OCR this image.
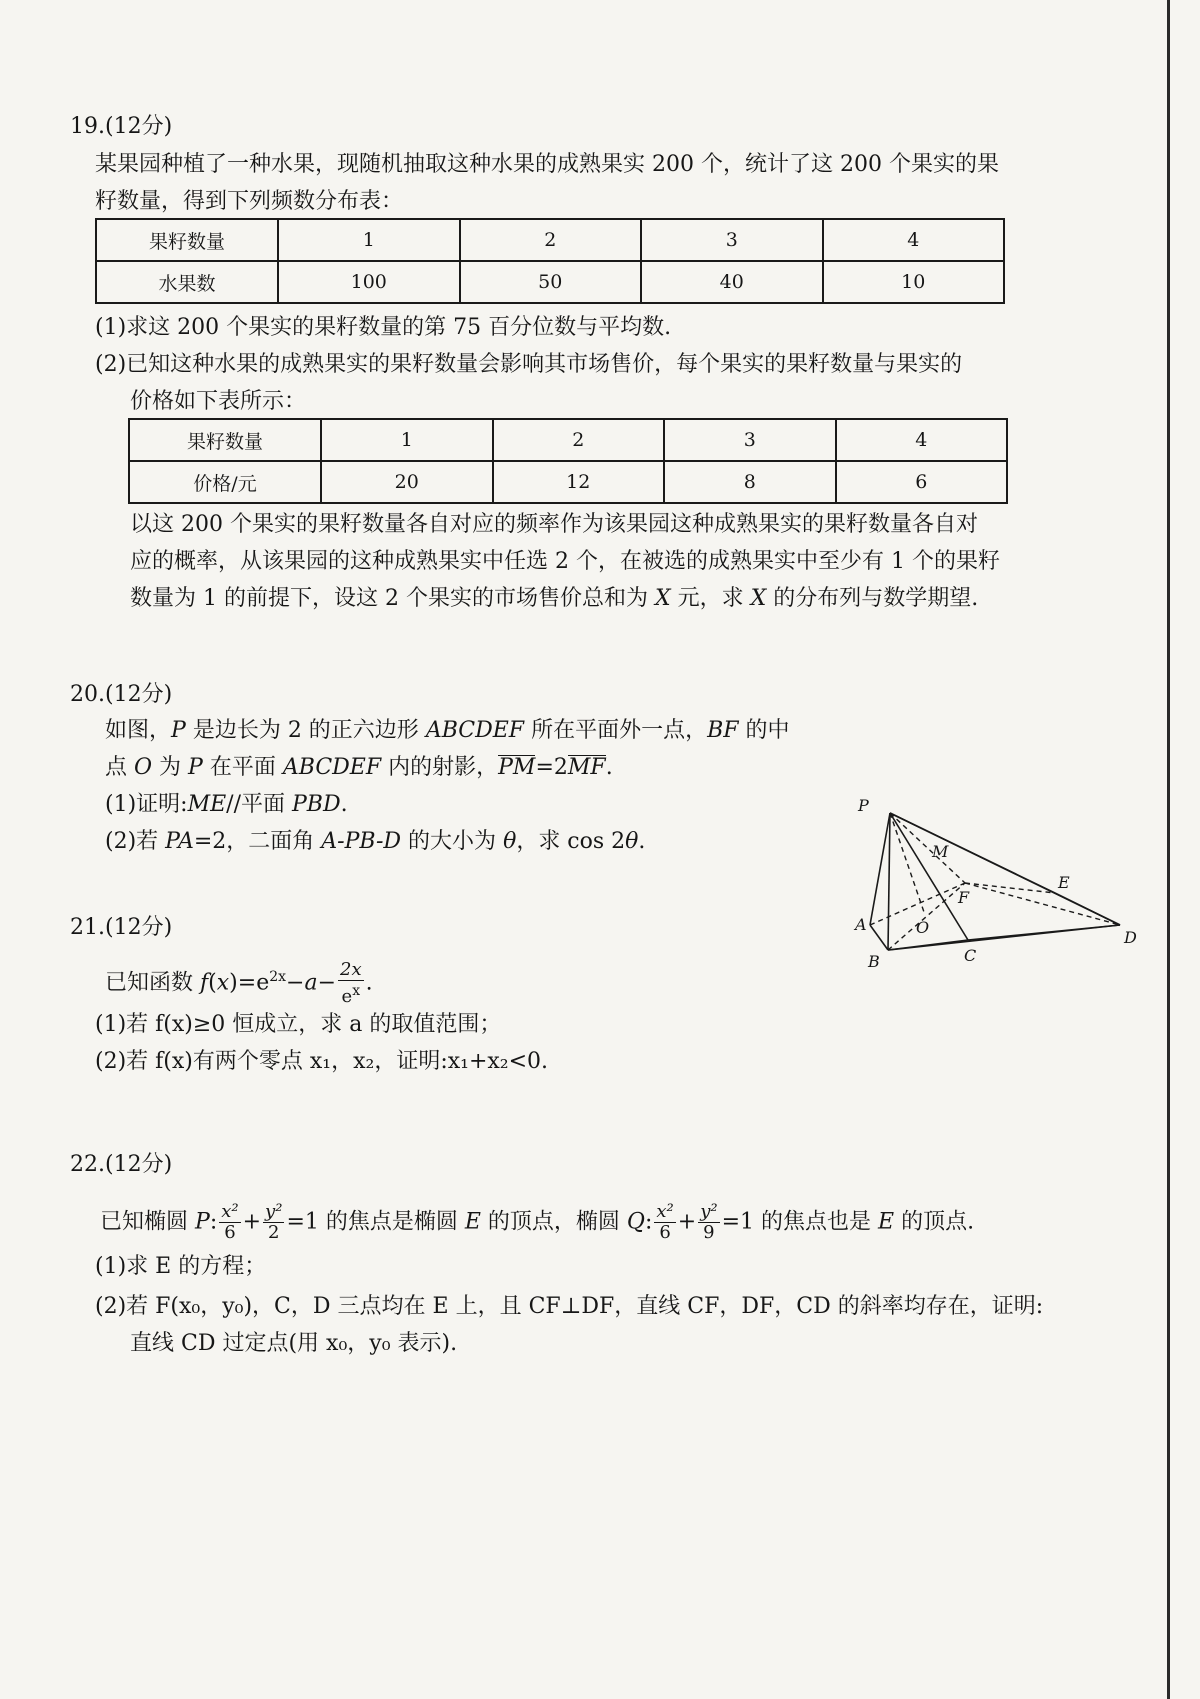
19.(12分)
某果园种植了一种水果，现随机抽取这种水果的成熟果实 200 个，统计了这 200 个果实的果
籽数量，得到下列频数分布表：
果籽数量	1	2	3	4
水果数	100	50	40	10
(1)求这 200 个果实的果籽数量的第 75 百分位数与平均数.
(2)已知这种水果的成熟果实的果籽数量会影响其市场售价，每个果实的果籽数量与果实的
价格如下表所示：
果籽数量	1	2	3	4
价格/元	20	12	8	6
以这 200 个果实的果籽数量各自对应的频率作为该果园这种成熟果实的果籽数量各自对
应的概率，从该果园的这种成熟果实中任选 2 个，在被选的成熟果实中至少有 1 个的果籽
数量为 1 的前提下，设这 2 个果实的市场售价总和为 X 元，求 X 的分布列与数学期望.
20.(12分)
如图，P 是边长为 2 的正六边形 ABCDEF 所在平面外一点，BF 的中
点 O 为 P 在平面 ABCDEF 内的射影，PM=2MF.
(1)证明:ME//平面 PBD.
(2)若 PA=2，二面角 A-PB-D 的大小为 θ，求 cos 2θ.
P
M
E
F
A	O
B	C
D
21.(12分)
已知函数 $f(x)=e^{2x}-a- \frac{2x}{e^x}$ .
(1)若 f(x)≥0 恒成立，求 a 的取值范围；
(2)若 f(x)有两个零点 x₁，x₂，证明:x₁+x₂<0.
22.(12分)
已知椭圆 P: $\frac{\text{x²}}{6} + \frac{\text{y²}}{2} =1$ 的焦点是椭圆 E 的顶点，椭圆 Q: $\frac{\text{x²}}{6} + \frac{\text{y²}}{9} =1$ 的焦点也是 E 的顶点.
(1)求 E 的方程；
(2)若 F(x₀，y₀)，C，D 三点均在 E 上，且 CF⊥DF，直线 CF，DF，CD 的斜率均存在，证明:
直线 CD 过定点(用 x₀，y₀ 表示).
